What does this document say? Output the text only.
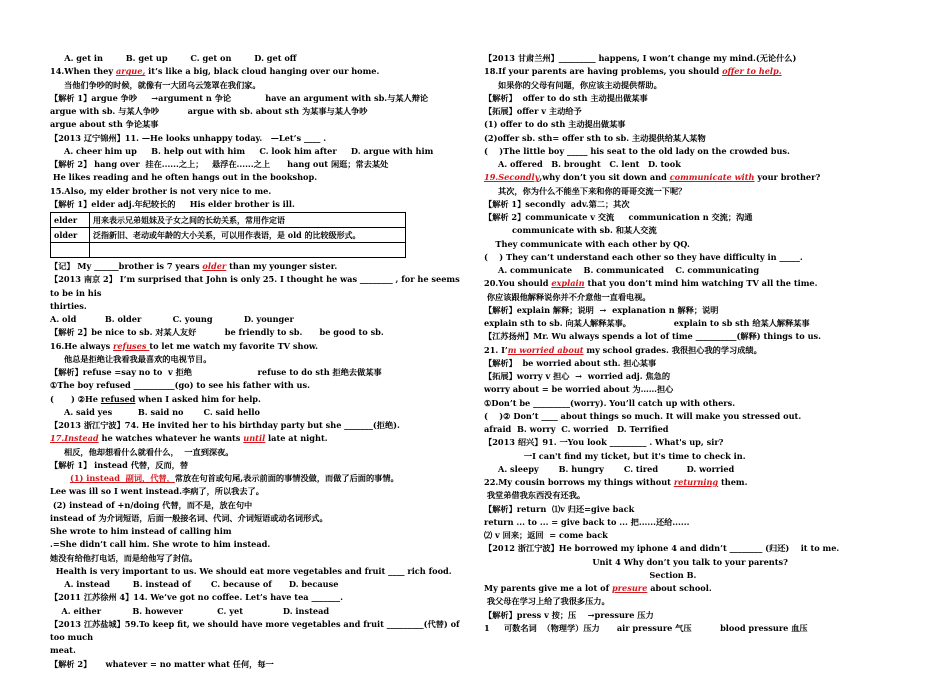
A. get in        B. get up        C. get on        D. get off
14.When they argue, it’s like a big, black cloud hanging over our home.
当他们争吵的时候，就像有一大团乌云笼罩在我们家。
【解析 1】argue 争吵     →argument n 争论            have an argument with sb.与某人辩论
argue with sb. 与某人争吵          argue with sb. about sth 为某事与某人争吵
argue about sth 争论某事
【2013 辽宁锦州】11. —He looks unhappy today.   —Let’s ____ .
A. cheer him up     B. help out with him     C. look him after     D. argue with him
【解析 2】 hang over  挂在......之上；   悬浮在......之上      hang out 闲逛；常去某处
He likes reading and he often hangs out in the bookshop.
15.Also, my elder brother is not very nice to me.
【解析 1】elder adj.年纪较长的     His elder brother is ill.
elder	用来表示兄弟姐妹及子女之间的长幼关系，常用作定语
older	泛指新旧、老动或年龄的大小关系，可以用作表语，是 old 的比较级形式。

【记】 My ______brother is 7 years older than my younger sister.
【2013 南京 2】 I’m surprised that John is only 25. I thought he was ________ , for he seems to be in his
thirties.
A. old          B. older           C. young           D. younger
【解析 2】be nice to sb. 对某人友好          be friendly to sb.      be good to sb.
16.He always refuses to let me watch my favorite TV show.
他总是拒绝让我看我最喜欢的电视节目。
【解析】refuse =say no to  v 拒绝                       refuse to do sth 拒绝去做某事
①The boy refused __________(go) to see his father with us.
(      ) ②He refused when I asked him for help.
A. said yes         B. said no       C. said hello
【2013 浙江宁波】74. He invited her to his birthday party but she _______(拒绝).
17.Instead he watches whatever he wants until late at night.
相反，他却想看什么就看什么，  一直到深夜。
【解析 1】 instead 代替，反而，替
(1) instead  副词，代替，常放在句首或句尾,表示前面的事情没做，而做了后面的事情。
Lee was ill so I went instead.李病了，所以我去了。
(2) instead of +n/doing 代替，而不是，放在句中
instead of 为介词短语，后面一般接名词、代词、介词短语或动名词形式。
She wrote to him instead of calling him
.=She didn’t call him. She wrote to him instead.
她没有给他打电话，而是给他写了封信。
Health is very important to us. We should eat more vegetables and fruit ____ rich food.
A. instead        B. instead of       C. because of      D. because
【2011 江苏徐州 4】14. We’ve got no coffee. Let’s have tea _______.
A. either           B. however            C. yet              D. instead
【2013 江苏盐城】59.To keep fit, we should have more vegetables and fruit _________(代替) of too much
meat.
【解析 2】     whatever = no matter what 任何，每一
【2013 甘肃兰州】_________ happens, I won’t change my mind.(无论什么)
18.If your parents are having problems, you should offer to help.
如果你的父母有问题，你应该主动提供帮助。
【解析】  offer to do sth 主动提出做某事
【拓展】offer v 主动给予
(1) offer to do sth 主动提出做某事
(2)offer sb. sth= offer sth to sb. 主动提供给某人某物
(    )The little boy _____ his seat to the old lady on the crowded bus.
A. offered   B. brought   C. lent   D. took
19.Secondly,why don’t you sit down and communicate with your brother?
其次，你为什么不能坐下来和你的哥哥交流一下呢？
【解析 1】secondly  adv.第二；其次
【解析 2】communicate v 交流     communication n 交流；沟通
communicate with sb. 和某人交流
They communicate with each other by QQ.
(    ) They can’t understand each other so they have difficulty in _____.
A. communicate    B. communicated    C. communicating
20.You should explain that you don’t mind him watching TV all the time.
你应该跟他解释说你并不介意他一直看电视。
【解析】explain 解释；说明  →  explanation n 解释；说明
explain sth to sb. 向某人解释某事。               explain to sb sth 给某人解释某事
【江苏扬州】Mr. Wu always spends a lot of time __________(解释) things to us.
21. I’m worried about my school grades. 我很担心我的学习成绩。
【解析】  be worried about sth. 担心某事
【拓展】worry v 担心  →  worried adj. 焦急的
worry about = be worried about 为……担心
①Don’t be _________(worry). You’ll catch up with others.
(    )② Don’t ____ about things so much. It will make you stressed out.
afraid  B. worry  C. worried   D. Terrified
【2013 绍兴】91. 一You look _________ . What's up, sir?
一I can't find my ticket, but it's time to check in.
A. sleepy       B. hungry       C. tired          D. worried
22.My cousin borrows my things without returning them.
我堂弟借我东西没有还我。
【解析】return  ⑴v 归还=give back
return ... to ... = give back to ... 把......还给......
⑵ v 回来；返回  = come back
【2012 浙江宁波】He borrowed my iphone 4 and didn’t ________ (归还)    it to me.
Unit 4 Why don’t you talk to your parents?
Section B.
My parents give me a lot of presure about school.
我父母在学习上给了我很多压力。
【解析】press v 按；压    →pressure 压力
1     可数名词  （物理学）压力      air pressure 气压          blood pressure 血压
